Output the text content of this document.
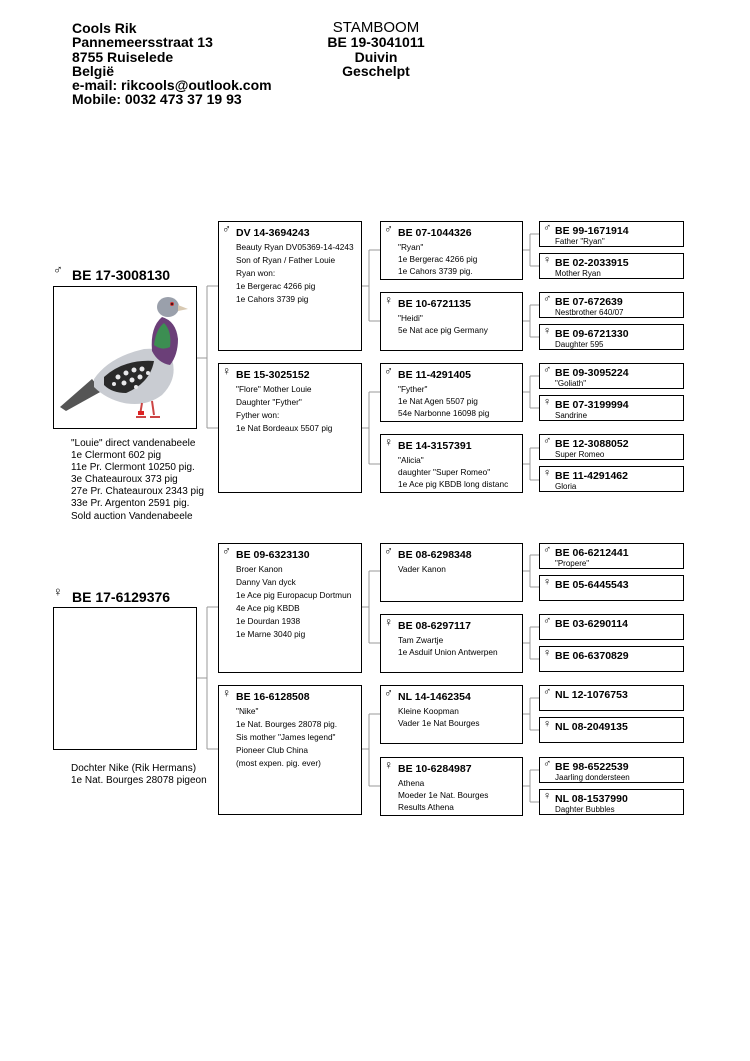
Cools Rik
Pannemeersstraat 13
8755 Ruiselede
België
e-mail: rikcools@outlook.com
Mobile: 0032 473 37 19 93
STAMBOOM
BE 19-3041011
Duivin
Geschelpt
♂ BE 17-3008130
"Louie" direct vandenabeele
1e Clermont 602 pig
11e Pr. Clermont 10250 pig.
3e Chateauroux 373 pig
27e Pr. Chateauroux 2343 pig
33e Pr. Argenton 2591 pig.
Sold auction Vandenabeele
♀ BE 17-6129376
Dochter Nike (Rik Hermans)
1e Nat. Bourges 28078 pigeon
♂ DV 14-3694243
Beauty Ryan DV05369-14-4243
Son of Ryan / Father Louie
Ryan won:
1e Bergerac 4266 pig
1e Cahors 3739 pig
♀ BE 15-3025152
"Flore" Mother Louie
Daughter "Fyther"
Fyther won:
1e Nat Bordeaux 5507 pig
♂ BE 09-6323130
Broer Kanon
Danny Van dyck
1e Ace pig Europacup Dortmun
4e Ace pig KBDB
1e Dourdan 1938
1e Marne 3040 pig
♀ BE 16-6128508
"Nike"
1e Nat. Bourges 28078 pig.
Sis mother "James legend"
Pioneer Club China
(most expen. pig. ever)
♂ BE 07-1044326
"Ryan"
1e Bergerac 4266 pig
1e Cahors 3739 pig.
♀ BE 10-6721135
"Heidi"
5e Nat ace pig Germany
♂ BE 11-4291405
"Fyther"
1e Nat Agen 5507 pig
54e Narbonne 16098 pig
♀ BE 14-3157391
"Alicia"
daughter "Super Romeo"
1e Ace pig KBDB long distanc
♂ BE 08-6298348
Vader Kanon
♀ BE 08-6297117
Tam Zwartje
1e Asduif Union Antwerpen
♂ NL 14-1462354
Kleine Koopman
Vader 1e Nat Bourges
♀ BE 10-6284987
Athena
Moeder 1e Nat. Bourges
Results Athena
♂ BE 99-1671914
Father "Ryan"
♀ BE 02-2033915
Mother Ryan
♂ BE 07-672639
Nestbrother 640/07
♀ BE 09-6721330
Daughter 595
♂ BE 09-3095224
"Goliath"
♀ BE 07-3199994
Sandrine
♂ BE 12-3088052
Super Romeo
♀ BE 11-4291462
Gloria
♂ BE 06-6212441
"Propere"
♀ BE 05-6445543
♂ BE 03-6290114
♀ BE 06-6370829
♂ NL 12-1076753
♀ NL 08-2049135
♂ BE 98-6522539
Jaarling dondersteen
♀ NL 08-1537990
Daghter Bubbles
